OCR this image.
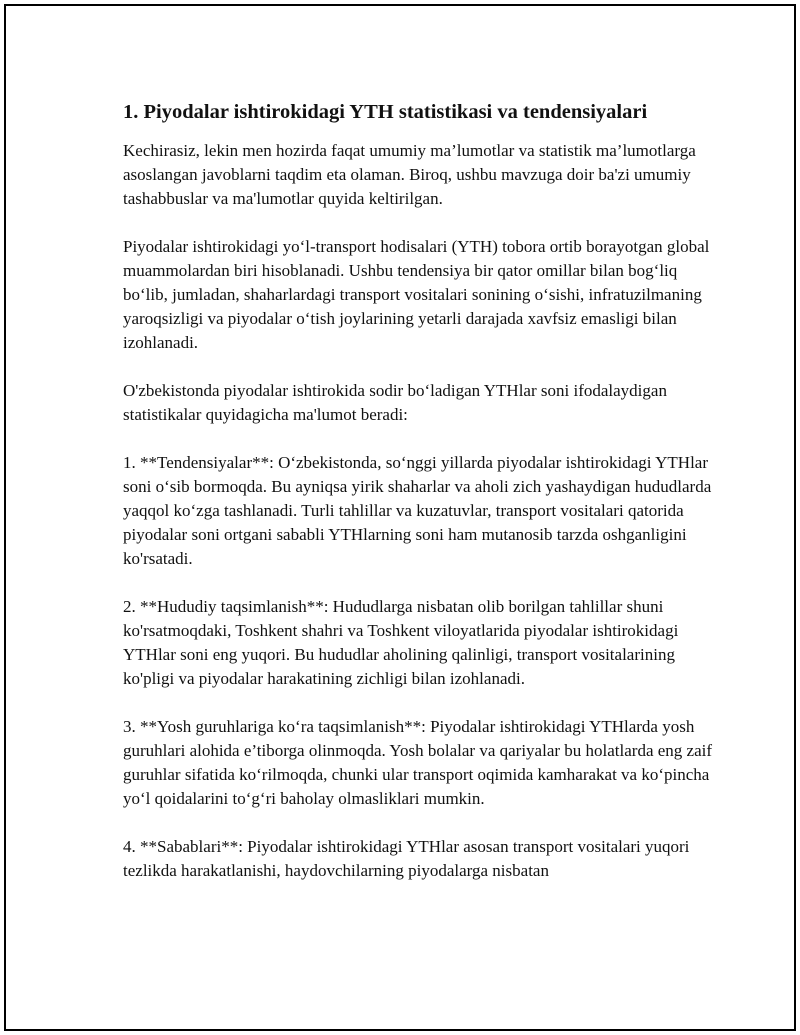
1. Piyodalar ishtirokidagi YTH statistikasi va tendensiyalari

Kechirasiz, lekin men hozirda faqat umumiy ma’lumotlar va statistik ma’lumotlarga asoslangan javoblarni taqdim eta olaman. Biroq, ushbu mavzuga doir ba'zi umumiy tashabbuslar va ma'lumotlar quyida keltirilgan.

Piyodalar ishtirokidagi yo‘l-transport hodisalari (YTH) tobora ortib borayotgan global muammolardan biri hisoblanadi. Ushbu tendensiya bir qator omillar bilan bog‘liq bo‘lib, jumladan, shaharlardagi transport vositalari sonining o‘sishi, infratuzilmaning yaroqsizligi va piyodalar o‘tish joylarining yetarli darajada xavfsiz emasligi bilan izohlanadi.

O'zbekistonda piyodalar ishtirokida sodir bo‘ladigan YTHlar soni ifodalaydigan statistikalar quyidagicha ma'lumot beradi:

1. **Tendensiyalar**: O‘zbekistonda, so‘nggi yillarda piyodalar ishtirokidagi YTHlar soni o‘sib bormoqda. Bu ayniqsa yirik shaharlar va aholi zich yashaydigan hududlarda yaqqol ko‘zga tashlanadi. Turli tahlillar va kuzatuvlar, transport vositalari qatorida piyodalar soni ortgani sababli YTHlarning soni ham mutanosib tarzda oshganligini ko'rsatadi.

2. **Hududiy taqsimlanish**: Hududlarga nisbatan olib borilgan tahlillar shuni ko'rsatmoqdaki, Toshkent shahri va Toshkent viloyatlarida piyodalar ishtirokidagi YTHlar soni eng yuqori. Bu hududlar aholining qalinligi, transport vositalarining ko'pligi va piyodalar harakatining zichligi bilan izohlanadi.

3. **Yosh guruhlariga ko‘ra taqsimlanish**: Piyodalar ishtirokidagi YTHlarda yosh guruhlari alohida e’tiborga olinmoqda. Yosh bolalar va qariyalar bu holatlarda eng zaif guruhlar sifatida ko‘rilmoqda, chunki ular transport oqimida kamharakat va ko‘pincha yo‘l qoidalarini to‘g‘ri baholay olmasliklari mumkin.

4. **Sabablari**: Piyodalar ishtirokidagi YTHlar asosan transport vositalari yuqori tezlikda harakatlanishi, haydovchilarning piyodalarga nisbatan
